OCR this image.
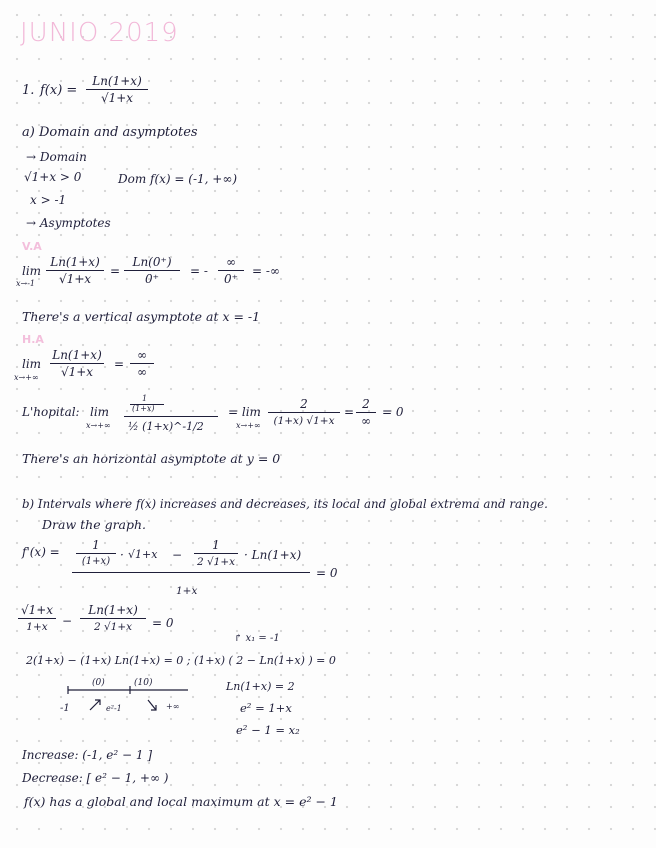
JUNIO 2019
1. f(x) =
Ln(1+x)
√1+x
a) Domain and asymptotes
→ Domain
√1+x > 0	Dom f(x) = (-1, +∞)
x > -1
→ Asymptotes
V.A
lim
x→-1
Ln(1+x)
√1+x
=
Ln(0⁺)
0⁺
= -
∞
0⁺
= -∞
There's a vertical asymptote at x = -1
H.A
lim
x→+∞
Ln(1+x)
√1+x
=
∞
∞
L'hopital: lim
x→+∞
1
(1+x)
½ (1+x)^-1/2
= lim
x→+∞
2
(1+x) √1+x
=
2
∞
= 0
There's an horizontal asymptote at y = 0
b) Intervals where f(x) increases and decreases, its local and global extrema and range.
Draw the graph.
f'(x) =	1
(1+x) · √1+x −
1
2 √1+x · Ln(1+x)
= 0
1+x
√1+x
1+x	−
Ln(1+x)
2 √1+x	= 0
↱ x₁ = -1
2(1+x) − (1+x) Ln(1+x) = 0 ; (1+x) ( 2 − Ln(1+x) ) = 0
Ln(1+x) = 2
e² = 1+x
e² − 1 = x₂
(0)	(10)
-1	e²-1	+∞
Increase: (-1, e² − 1 ]
Decrease: [ e² − 1, +∞ )
f(x) has a global and local maximum at x = e² − 1
